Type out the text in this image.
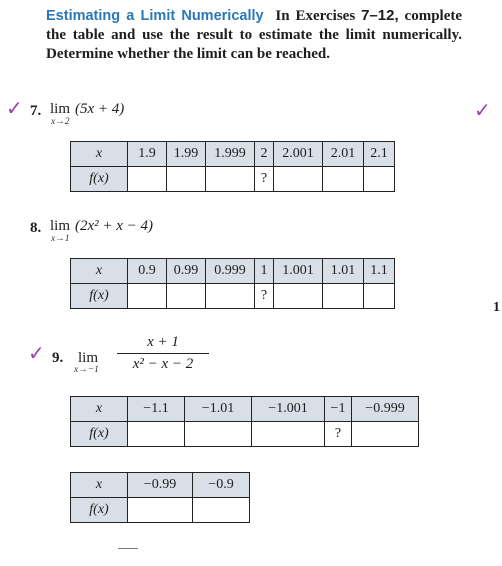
Estimating a Limit Numerically In Exercises 7–12, complete the table and use the result to estimate the limit numerically. Determine whether the limit can be reached.
✓	✓
7. lim
x→2
(5x + 4)
x	1.9	1.99	1.999	2	2.001	2.01	2.1
f(x)				?			
8. lim
x→1
(2x² + x − 4)
x	0.9	0.99	0.999	1	1.001	1.01	1.1
f(x)				?			
1
✓ 9. lim
x→−1
x + 1
x² − x − 2
x	−1.1	−1.01	−1.001	−1	−0.999
f(x)				?	
x	−0.99	−0.9
f(x)		
